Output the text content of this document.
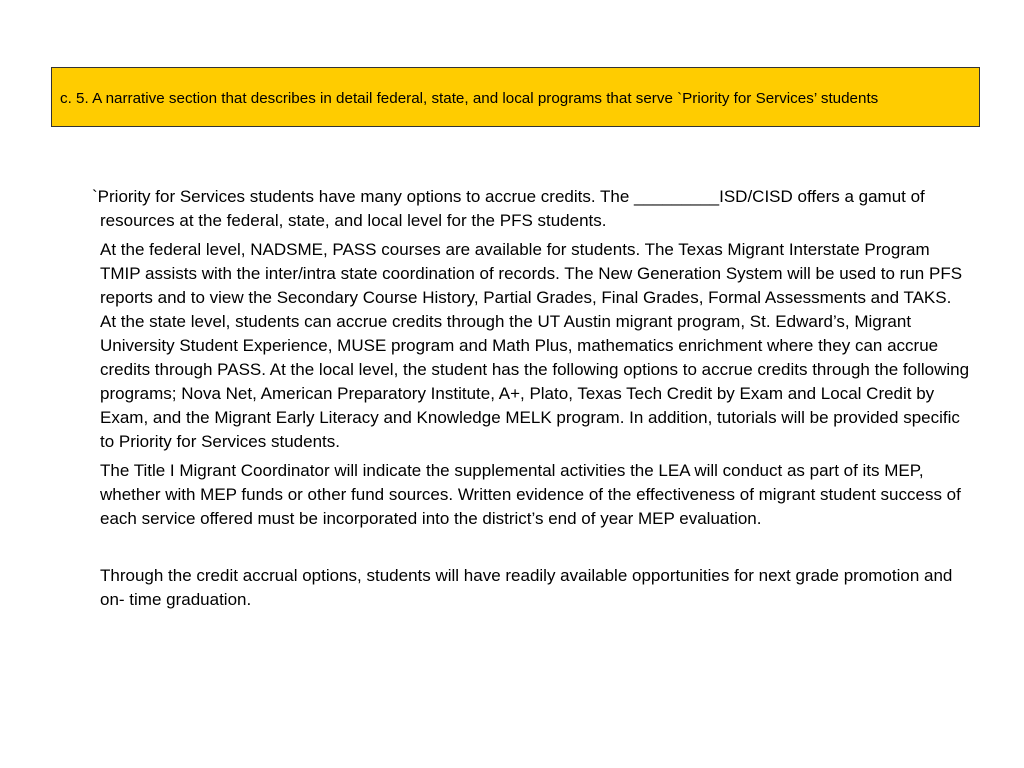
c. 5. A narrative section that describes in detail federal, state, and local programs that serve `Priority for Services’ students

`Priority for Services students have many options to accrue credits. The _________ISD/CISD offers a gamut of resources at the federal, state, and local level for the PFS students.

At the federal level, NADSME, PASS courses are available for students. The Texas Migrant Interstate Program TMIP assists with the inter/intra state coordination of records. The New Generation System will be used to run PFS reports and to view the Secondary Course History, Partial Grades, Final Grades, Formal Assessments and TAKS. At the state level, students can accrue credits through the UT Austin migrant program, St. Edward’s, Migrant University Student Experience, MUSE program and Math Plus, mathematics enrichment where they can accrue credits through PASS. At the local level, the student has the following options to accrue credits through the following programs; Nova Net, American Preparatory Institute, A+, Plato, Texas Tech Credit by Exam and Local Credit by Exam, and the Migrant Early Literacy and Knowledge MELK program. In addition, tutorials will be provided specific to Priority for Services students.

The Title I Migrant Coordinator will indicate the supplemental activities the LEA will conduct as part of its MEP, whether with MEP funds or other fund sources. Written evidence of the effectiveness of migrant student success of each service offered must be incorporated into the district’s end of year MEP evaluation.

Through the credit accrual options, students will have readily available opportunities for next grade promotion and on- time graduation.
